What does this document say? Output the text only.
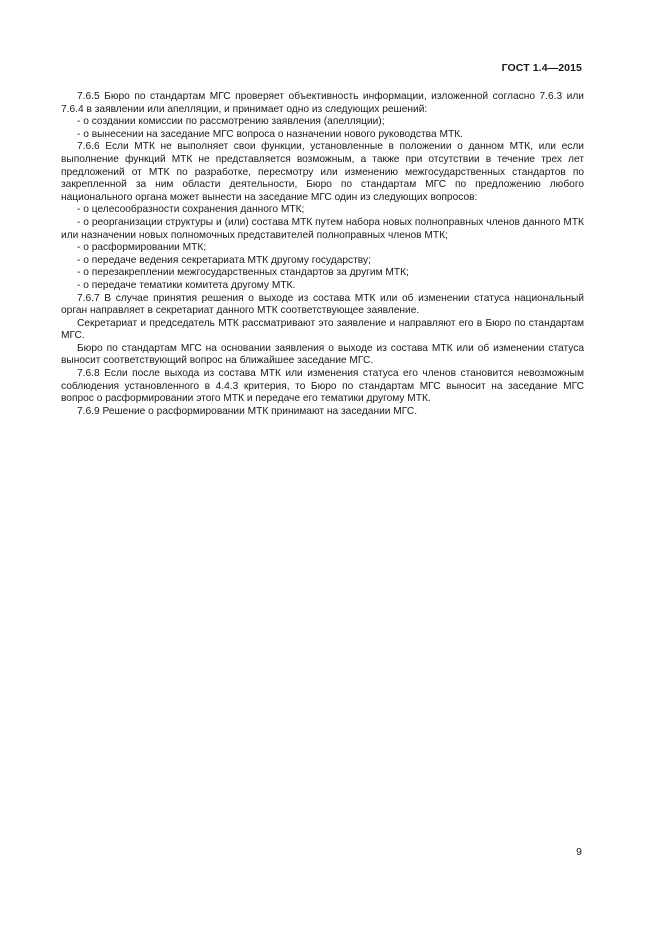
ГОСТ 1.4—2015

7.6.5 Бюро по стандартам МГС проверяет объективность информации, изложенной согласно 7.6.3 или 7.6.4 в заявлении или апелляции, и принимает одно из следующих решений:

- о создании комиссии по рассмотрению заявления (апелляции);

- о вынесении на заседание МГС вопроса о назначении нового руководства МТК.

7.6.6 Если МТК не выполняет свои функции, установленные в положении о данном МТК, или если выполнение функций МТК не представляется возможным, а также при отсутствии в течение трех лет предложений от МТК по разработке, пересмотру или изменению межгосударственных стандартов по закрепленной за ним области деятельности, Бюро по стандартам МГС по предложению любого национального органа может вынести на заседание МГС один из следующих вопросов:

- о целесообразности сохранения данного МТК;

- о реорганизации структуры и (или) состава МТК путем набора новых полноправных членов данного МТК или назначении новых полномочных представителей полноправных членов МТК;

- о расформировании МТК;

- о передаче ведения секретариата МТК другому государству;

- о перезакреплении межгосударственных стандартов за другим МТК;

- о передаче тематики комитета другому МТК.

7.6.7 В случае принятия решения о выходе из состава МТК или об изменении статуса национальный орган направляет в секретариат данного МТК соответствующее заявление.

Секретариат и председатель МТК рассматривают это заявление и направляют его в Бюро по стандартам МГС.

Бюро по стандартам МГС на основании заявления о выходе из состава МТК или об изменении статуса выносит соответствующий вопрос на ближайшее заседание МГС.

7.6.8 Если после выхода из состава МТК или изменения статуса его членов становится невозможным соблюдения установленного в 4.4.3 критерия, то Бюро по стандартам МГС выносит на заседание МГС вопрос о расформировании этого МТК и передаче его тематики другому МТК.

7.6.9 Решение о расформировании МТК принимают на заседании МГС.

9
